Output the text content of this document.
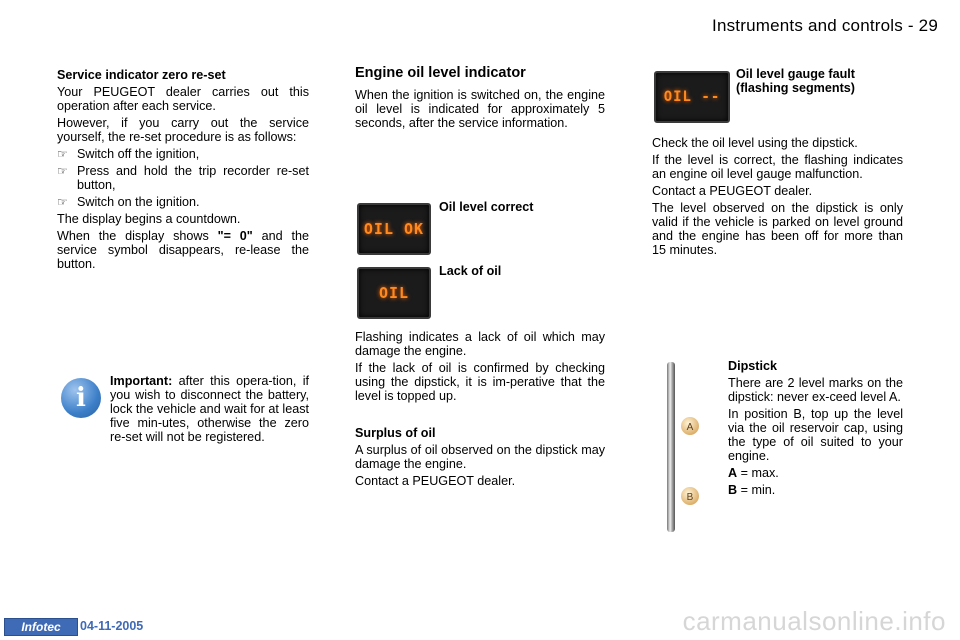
Instruments and controls - 29

Service indicator zero re-set

Your PEUGEOT dealer carries out this operation after each service.

However, if you carry out the service yourself, the re-set procedure is as follows:

☞ Switch off the ignition,
☞ Press and hold the trip recorder re-set button,
☞ Switch on the ignition.

The display begins a countdown.

When the display shows "= 0" and the service symbol disappears, re-lease the button.

i

Important: after this opera-tion, if you wish to disconnect the battery, lock the vehicle and wait for at least five min-utes, otherwise the zero re-set will not be registered.

Engine oil level indicator

When the ignition is switched on, the engine oil level is indicated for approximately 5 seconds, after the service information.

OIL OK
Oil level correct
OIL
Lack of oil

Flashing indicates a lack of oil which may damage the engine.

If the lack of oil is confirmed by checking using the dipstick, it is im-perative that the level is topped up.

Surplus of oil

A surplus of oil observed on the dipstick may damage the engine.

Contact a PEUGEOT dealer.

OIL --
Oil level gauge fault (flashing segments)

Check the oil level using the dipstick.

If the level is correct, the flashing indicates an engine oil level gauge malfunction.

Contact a PEUGEOT dealer.

The level observed on the dipstick is only valid if the vehicle is parked on level ground and the engine has been off for more than 15 minutes.

A
B

Dipstick

There are 2 level marks on the dipstick: never ex-ceed level A.

In position B, top up the level via the oil reservoir cap, using the type of oil suited to your engine.

A = max.

B = min.

Infotec	04-11-2005	carmanualsonline.info
